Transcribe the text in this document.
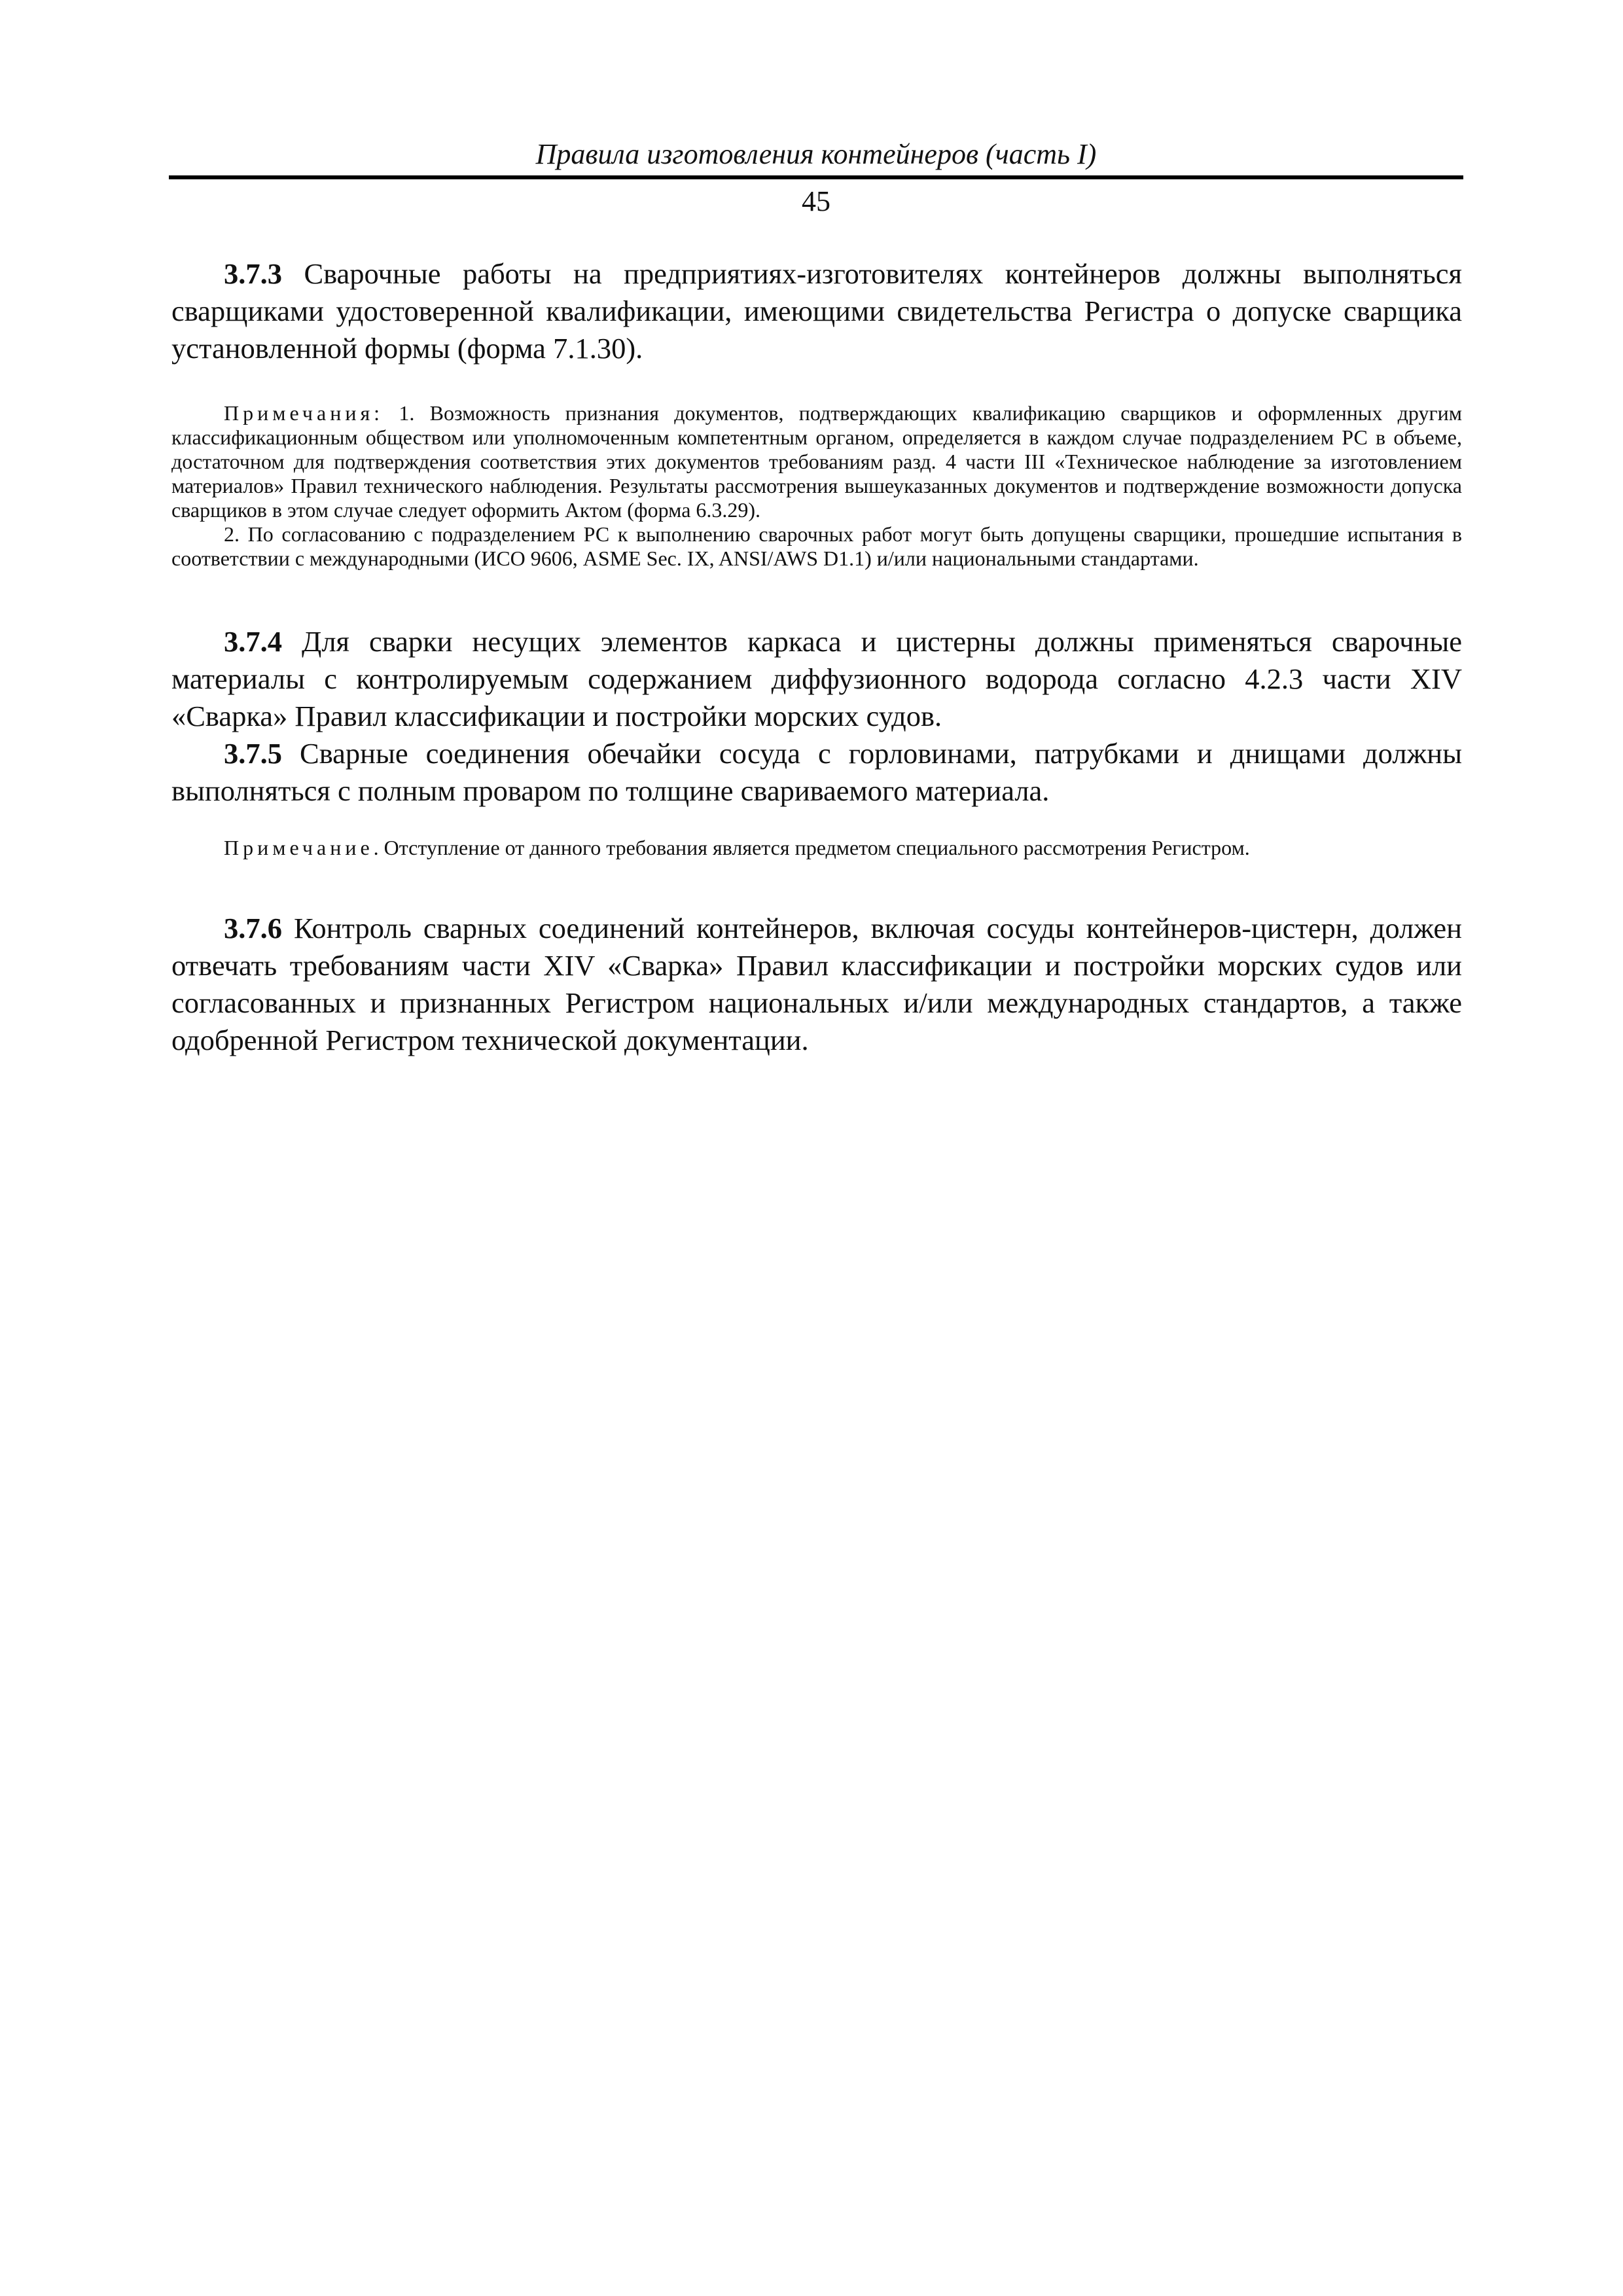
Правила изготовления контейнеров (часть I)
45

3.7.3 Сварочные работы на предприятиях-изготовителях контейнеров должны выполняться сварщиками удостоверенной квалификации, имеющими свидетельства Регистра о допуске сварщика установленной формы (форма 7.1.30).

Примечания: 1. Возможность признания документов, подтверждающих квалификацию сварщиков и оформленных другим классификационным обществом или уполномоченным компетентным органом, определяется в каждом случае подразделением РС в объеме, достаточном для подтверждения соответствия этих документов требованиям разд. 4 части III «Техническое наблюдение за изготовлением материалов» Правил технического наблюдения. Результаты рассмотрения вышеуказанных документов и подтверждение возможности допуска сварщиков в этом случае следует оформить Актом (форма 6.3.29).

2. По согласованию с подразделением РС к выполнению сварочных работ могут быть допущены сварщики, прошедшие испытания в соответствии с международными (ИСО 9606, ASME Sec. IX, ANSI/AWS D1.1) и/или национальными стандартами.

3.7.4 Для сварки несущих элементов каркаса и цистерны должны применяться сварочные материалы с контролируемым содержанием диффузионного водорода согласно 4.2.3 части XIV «Сварка» Правил классификации и постройки морских судов.

3.7.5 Сварные соединения обечайки сосуда с горловинами, патрубками и днищами должны выполняться с полным проваром по толщине свариваемого материала.

Примечание. Отступление от данного требования является предметом специального рассмотрения Регистром.

3.7.6 Контроль сварных соединений контейнеров, включая сосуды контейнеров-цистерн, должен отвечать требованиям части XIV «Сварка» Правил классификации и постройки морских судов или согласованных и признанных Регистром национальных и/или международных стандартов, а также одобренной Регистром технической документации.
